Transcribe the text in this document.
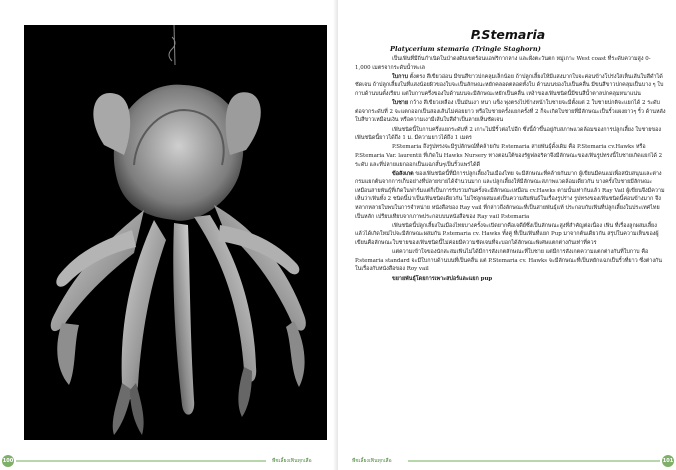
P.Stemaria
Platycerium stemaria (Tringle Staghorn)

เป็นเฟินที่มีถิ่นกำเนิดในป่าดงดิบเขตร้อนแอฟริกากลาง และฝั่งตะวันตก หมู่เกาะ West coast ที่ระดับความสูง 0-1,000 เมตรจากระดับน้ำทะเล

ใบกาบ ตั้งตรง สีเขียวอ่อน มีขนสีขาวปกคลุมเล็กน้อย ถ้าปลูกเลี้ยงให้มีแสงมากใบจะค่อนข้างโปร่งใสเห็นเส้นใบสีดำได้ชัดเจน ถ้าปลูกเลี้ยงในที่แสงน้อยผิวของใบจะเป็นลักษณะหยักคลอดตลอดทั้งใบ ด้านบนของใบเป็นคลื่น มีขนสีขาวปกคลุมเป็นบาง ๆ ใบกาบด้านบนตั้งเรียบ แต่ใบกาบครึ่งของใบด้านบนจะมีลักษณะหยักเป็นคลื่น เหง้าของเฟินชนิดนี้มีขนสีน้ำตาลปกคลุมหนาแน่น

ใบชาย กว้าง สีเขียวเหลือง เป็นมันเงา หนา แข็ง พุ่งตรงไปข้างหน้าใบชายจะมีตั้งแต่ 2 ใบชายปกติจะแยกได้ 2 ระดับ ต่อจากระดับที่ 2 จะแตกออกเป็นสองเส้นไม่ค่อยยาว หรือใบชายครั้งแยกครั้งที่ 2 ก็จะเกิดใบชายที่มีลักษณะเป็นริ้วแผงยาวๆ ริ้ว ด้านหลังใบสีขาวเหมือนเงิน หรือความเงามีเส้นใบสีดำเป็นลายเห็นชัดเจน

เฟินชนิดนี้ใบกาบครึ่งแยกระดับที่ 2 เกาะไม่มีริ้วต่อไปอีก ซึ่งนี้ถ้าขึ้นอยู่กับสภาพแวดล้อมของการปลูกเลี้ยง ใบชายของเฟินชนิดนี้ยาวได้ถึง 1 ม. มีความยาวได้ถึง 1 เมตร

P.Stemaria ถึงรูปทรงจะมีรูปลักษณ์ที่คล้ายกับ P.stemaria สายพันธุ์ดั้งเดิม คือ P.Stemaria cv.Hawks หรือ P.Stemaria Var. laurentii ที่เกิดใน Hawks Nursery ทางตอนใต้ของรัฐฟลอริดาจึงมีลักษณะของเฟินรูปทรงนี้ใบชายเกิดแยกได้ 2 ระดับ และที่ปลายแยกออกเป็นแฉกสั้นๆเป็นริ้วแพร่ได้ดี

ข้อสังเกต ของเฟินชนิดนี้ที่มีการปลูกเลี้ยงในเมืองไทย จะมีลักษณะที่คล้ายกันมาก ผู้เขียนมีคนแม่เพื่อสนับสนุนและต่างกรมแยกต้นจากการเก็บอย่างที่ปลายขายได้จำนวนมาก และปลูกเลี้ยงให้มีลักษณะสภาพแวดล้อมเดียวกัน บางครั้งใบชายมีลักษณะเหมือนสายพันธุ์ที่เกิดในฟาร์มแต่ก็เป็นการรับรวมกันครั้งจะมีลักษณะเหมือน cv.Hawks ตามนั้นเท่ากันแล้ว Ray Vail ผู้เขียนจึงมีความเห็นว่าเฟินทั้ง 2 ชนิดนี้น่าเป็นเฟินชนิดเดียวกัน ไม่ใช่ลูกผสมแต่เป็นความสัมพันธ์ในเรื่องรูปร่าง รูปทรงของเฟินชนิดนี้ค่อนข้างมาก จึงหลากหลายใบพบในการจำหน่าย หนังสือของ Ray vail ที่กล่าวถึงลักษณะที่เป็นสายพันธุ์แท้ ประกอบกับเฟินที่ปลูกเลี้ยงในประเทศไทยเป็นหลัก เปรียบเทียบจากภาพประกอบบนหนังสือของ Ray vail P.stemaria

เฟินชนิดนี้ปลูกเลี้ยงในเมืองไทยบางครั้งจะเปิดยากคือเจดีย์ซึ่งเป็นลักษณะสูงที่สำคัญต่อเนื่อง เฟิน ที่เรื่องลูกผสมเลี้ยงแล้วได้เกิดใหม่ไปจะมีลักษณะผสมกัน P.stemaria cv. Hawks ทั้งคู่ ที่เป็นเฟินที่แยก Pup มาจากต้นเดียวกัน สรุปในความเห็นของผู้เขียนคือลักษณะใบชายของเฟินชนิดนี้ไม่ค่อยมีความชัดเจนที่จะบอกได้ลักษณะพิเศษแตกต่างกันเท่าที่ควร

แต่ความเข้าใจของนักสะสมเฟินไม่ได้มีการสังเกตลักษณะที่ใบชาย แต่มีการสังเกตความแตกต่างกันที่ใบกาบ คือ P.stemaria standard จะมีใบกาบด้านบนที่เป็นคลื่น แต่ P.Stemaria cv. Hawks จะมีลักษณะที่เป็นหยักแฉกเป็นริ้วที่ยาว ซึ่งต่างกันในเรื่องกับหนังสือของ Roy vail

ขยายพันธุ์โดยการเพาะสปอร์และแยก pup

100	พืชเลี้ยงเฟินทุกเสือ	พืชเลี้ยงเฟินทุกเสือ	101
